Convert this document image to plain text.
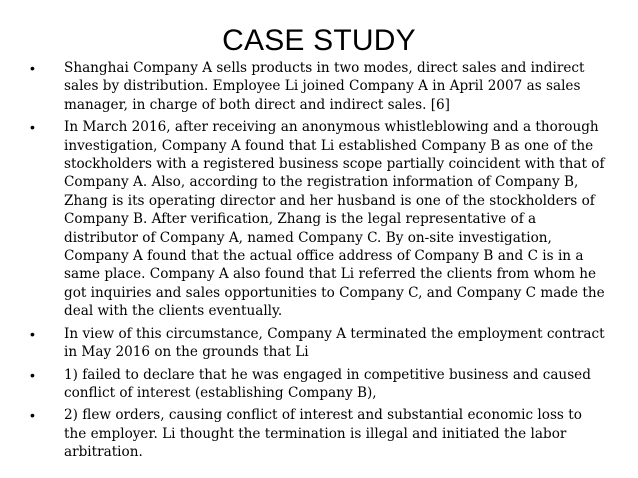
CASE STUDY
• Shanghai Company A sells products in two modes, direct sales and indirect sales by distribution. Employee Li joined Company A in April 2007 as sales manager, in charge of both direct and indirect sales. [6]
• In March 2016, after receiving an anonymous whistleblowing and a thorough investigation, Company A found that Li established Company B as one of the stockholders with a registered business scope partially coincident with that of Company A. Also, according to the registration information of Company B, Zhang is its operating director and her husband is one of the stockholders of Company B. After verification, Zhang is the legal representative of a distributor of Company A, named Company C. By on-site investigation, Company A found that the actual office address of Company B and C is in a same place. Company A also found that Li referred the clients from whom he got inquiries and sales opportunities to Company C, and Company C made the deal with the clients eventually.
• In view of this circumstance, Company A terminated the employment contract in May 2016 on the grounds that Li
• 1) failed to declare that he was engaged in competitive business and caused conflict of interest (establishing Company B),
• 2) flew orders, causing conflict of interest and substantial economic loss to the employer. Li thought the termination is illegal and initiated the labor arbitration.
